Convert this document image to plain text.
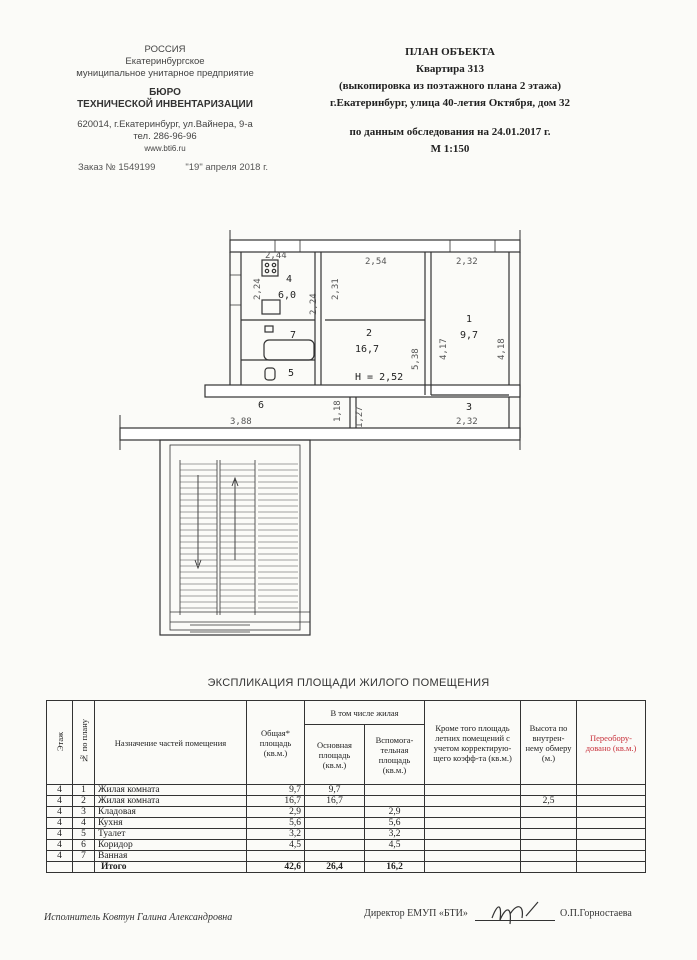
РОССИЯ
Екатеринбургское
муниципальное унитарное предприятие
БЮРО
ТЕХНИЧЕСКОЙ ИНВЕНТАРИЗАЦИИ
620014, г.Екатеринбург, ул.Вайнера, 9-а
тел. 286-96-96
www.bti6.ru
Заказ № 1549199	"19" апреля 2018 г.
ПЛАН ОБЪЕКТА
Квартира 313
(выкопировка из поэтажного плана 2 этажа)
г.Екатеринбург, улица 40-летия Октября, дом 32
по данным обследования на 24.01.2017 г.
М 1:150
4
6,0
2
16,7
1
9,7
3
7
5
6
Н = 2,52
2,44
2,54	2,32
2,24	2,31
2,24
4,17	4,18
5,38
1,18 1,27
3,88	2,32
ЭКСПЛИКАЦИЯ ПЛОЩАДИ ЖИЛОГО ПОМЕЩЕНИЯ
Этаж	№ по плану	Назначение частей помещения	Общая* площадь (кв.м.)	В том числе жилая		Кроме того площадь летних помещений с учетом корректирую-щего коэфф-та (кв.м.)	Высота по внутрен-нему обмеру (м.)	Переобору-довано (кв.м.)
				Основная площадь (кв.м.)	Вспомога-тельная площадь (кв.м.)			
4	1	Жилая комната	9,7	9,7				
4	2	Жилая комната	16,7	16,7			2,5	
4	3	Кладовая	2,9		2,9			
4	4	Кухня	5,6		5,6			
4	5	Туалет	3,2		3,2			
4	6	Коридор	4,5		4,5			
4	7	Ванная						
		Итого	42,6	26,4	16,2			
Исполнитель Ковтун Галина Александровна	Директор ЕМУП «БТИ»	О.П.Горностаева
